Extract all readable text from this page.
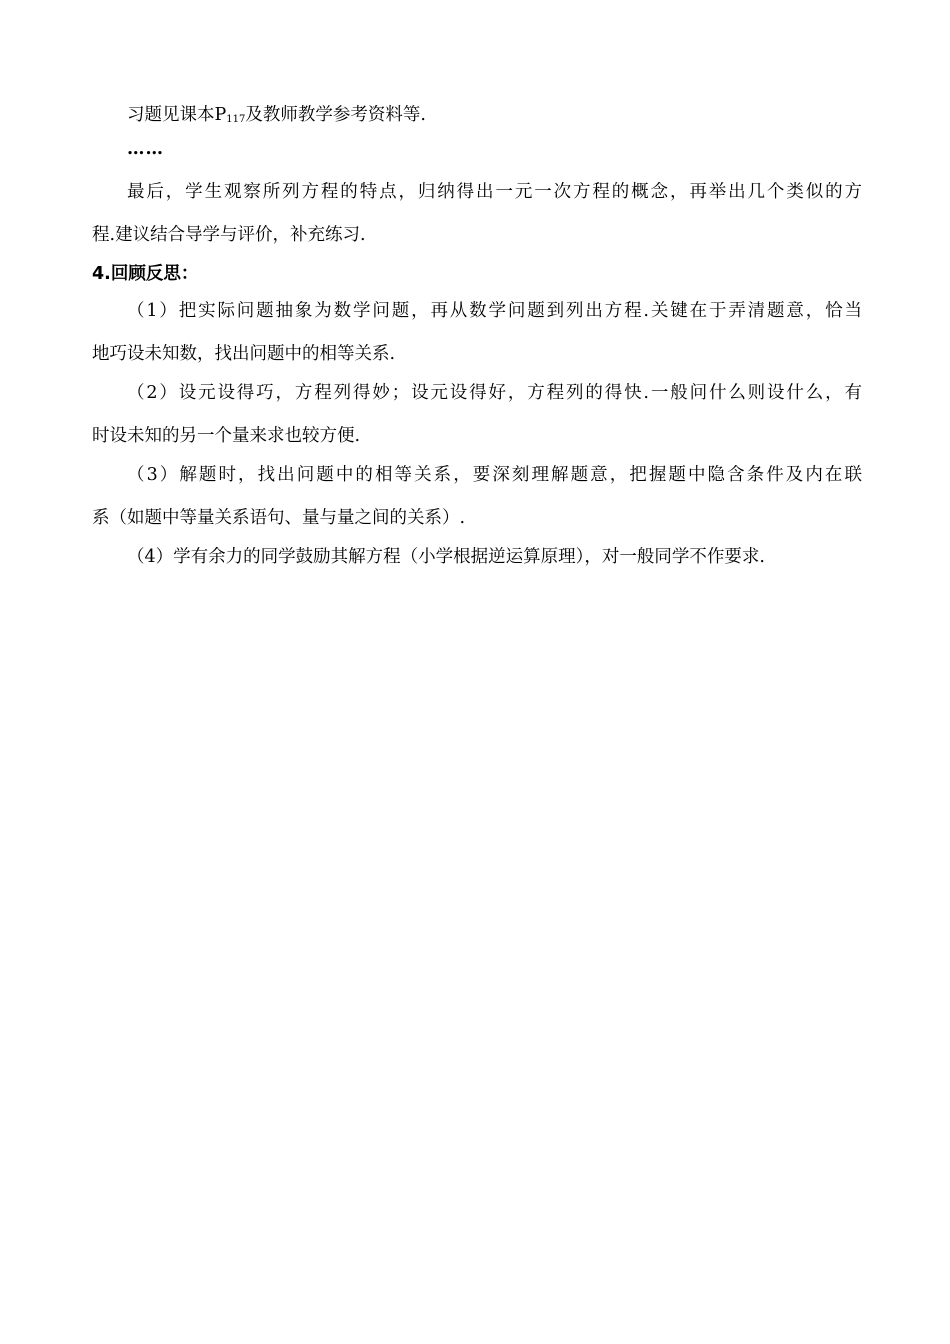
习题见课本$P_{117}$及教师教学参考资料等.
……
最后，学生观察所列方程的特点，归纳得出一元一次方程的概念，再举出几个类似的方
程.建议结合导学与评价，补充练习.
4.回顾反思：
（1）把实际问题抽象为数学问题，再从数学问题到列出方程.关键在于弄清题意，恰当
地巧设未知数，找出问题中的相等关系.
（2）设元设得巧，方程列得妙；设元设得好，方程列的得快.一般问什么则设什么，有
时设未知的另一个量来求也较方便.
（3）解题时，找出问题中的相等关系，要深刻理解题意，把握题中隐含条件及内在联
系（如题中等量关系语句、量与量之间的关系）.
（4）学有余力的同学鼓励其解方程（小学根据逆运算原理），对一般同学不作要求.
